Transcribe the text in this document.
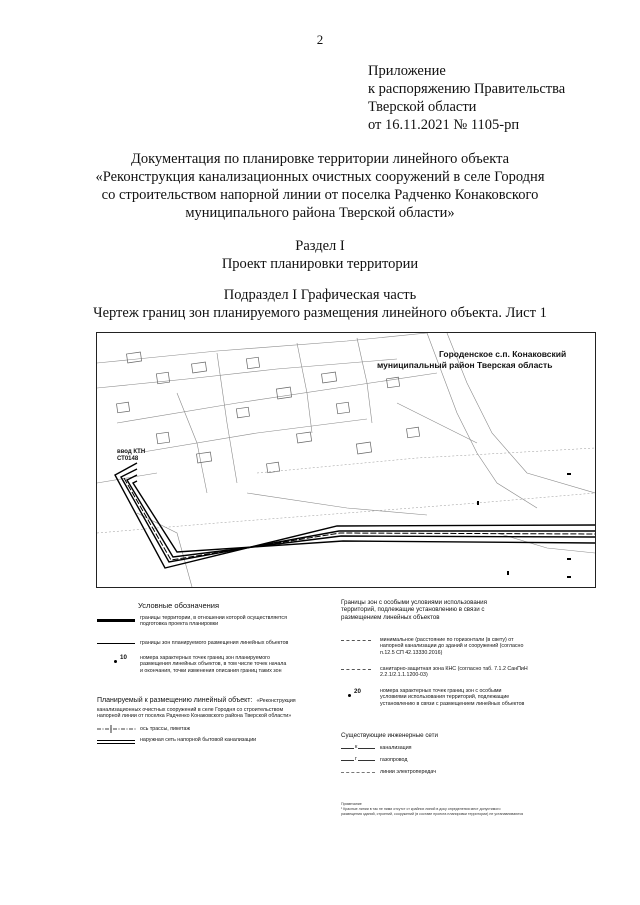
2
Приложение
к распоряжению Правительства
Тверской области
от 16.11.2021 № 1105-рп
Документация по планировке территории линейного объекта
«Реконструкция канализационных очистных сооружений в селе Городня
со строительством напорной линии от поселка Радченко Конаковского
муниципального района Тверской области»
Раздел I
Проект планировки территории
Подраздел I Графическая часть
Чертеж границ зон планируемого размещения линейного объекта. Лист 1
Городенское с.п. Конаковский
муниципальный район Тверская область
ввод КТН
СТ0148
Условные обозначения
границы территории, в отношении которой осуществляется
подготовка проекта планировки
границы зон планируемого размещения линейных объектов
10 номера характерных точек границ зон планируемого
размещения линейных объектов, в том числе точек начала
и окончания, точки изменения описания границ таких зон
Планируемый к размещению линейный объект: «Реконструкция
канализационных очистных сооружений в селе Городня со строительством
напорной линии от поселка Радченко Конаковского района Тверской области»
ось трассы, пикетаж
наружная сеть напорной бытовой канализации
Границы зон с особыми условиями использования
территорий, подлежащие установлению в связи с
размещением линейных объектов
минимальное (расстояние по горизонтали (в свету) от
напорной канализации до зданий и сооружений (согласно
п.12.5 СП 42.13330.2016)
санитарно-защитная зона КНС (согласно таб. 7.1.2 СанПиН
2.2.1/2.1.1.1200-03)
20	номера характерных точек границ зон с особыми
условиями использования территорий, подлежащие
установлению в связи с размещением линейных объектов
Существующие инженерные сети
к	канализация
г	газопровод
линии электропередач
Примечание
¹ Красные линии в так не ними отсутст ст крайних линий в доку определения мест допустимого
размещения зданий, строений, сооружений (в составе проекта планировки территории) не устанавливаются
